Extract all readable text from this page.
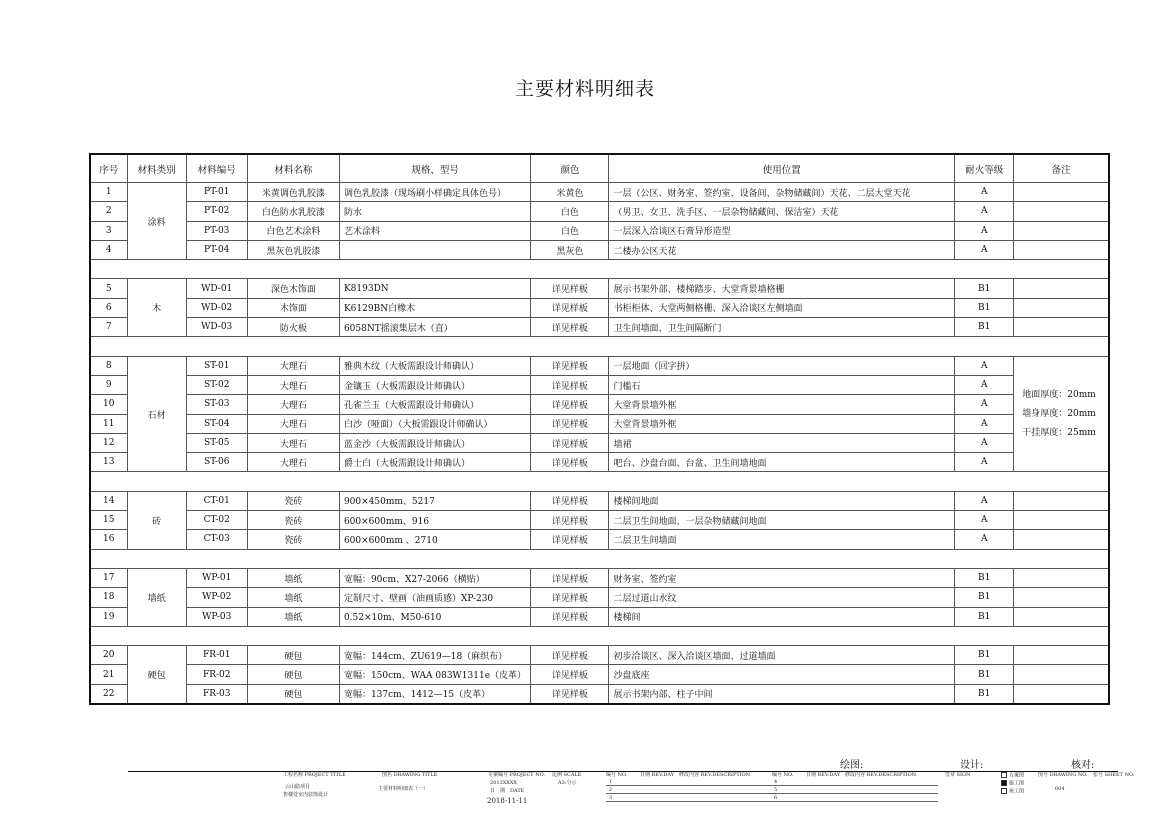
主要材料明细表
序号	材料类别	材料编号	材料名称	规格、型号	颜色	使用位置	耐火等级	备注
1	涂料	PT-01	米黄调色乳胶漆	调色乳胶漆（现场刷小样确定具体色号）	米黄色	一层（公区、财务室、签约室、设备间、杂物储藏间）天花、二层大堂天花	A	
2		PT-02	白色防水乳胶漆	防水	白色	（男卫、女卫、洗手区、一层杂物储藏间、保洁室）天花	A	
3		PT-03	白色艺术涂料	艺术涂料	白色	一层深入洽谈区石膏异形造型	A	
4		PT-04	黑灰色乳胶漆		黑灰色	二楼办公区天花	A	

5	木	WD-01	深色木饰面	K8193DN	详见样板	展示书架外部、楼梯踏步、大堂背景墙格栅	B1	
6		WD-02	木饰面	K6129BN白橡木	详见样板	书柜柜体、大堂两侧格栅、深入洽谈区左侧墙面	B1	
7		WD-03	防火板	6058NT摇滚集层木（直）	详见样板	卫生间墙面、卫生间隔断门	B1	

8	石材	ST-01	大理石	雅典木纹（大板需跟设计师确认）	详见样板	一层地面（回字拼）	A	地面厚度：20mm
墙身厚度：20mm
干挂厚度：25mm

9		ST-02	大理石	金镶玉（大板需跟设计师确认）	详见样板	门槛石	A	
10		ST-03	大理石	孔雀兰玉（大板需跟设计师确认）	详见样板	大堂背景墙外框	A	
11		ST-04	大理石	白沙（哑面）（大板需跟设计师确认）	详见样板	大堂背景墙外框	A	
12		ST-05	大理石	蓝金沙（大板需跟设计师确认）	详见样板	墙裙	A	
13		ST-06	大理石	爵士白（大板需跟设计师确认）	详见样板	吧台、沙盘台面、台盆、卫生间墙地面	A	

14	砖	CT-01	瓷砖	900×450mm、5217	详见样板	楼梯间地面	A	
15		CT-02	瓷砖	600×600mm、916	详见样板	二层卫生间地面、一层杂物储藏间地面	A	
16		CT-03	瓷砖	600×600mm 、2710	详见样板	二层卫生间墙面	A	

17	墙纸	WP-01	墙纸	宽幅：90cm、X27-2066（横贴）	详见样板	财务室、签约室	B1	
18		WP-02	墙纸	定制尺寸、壁画（油画质感）XP-230	详见样板	二层过道山水纹	B1	
19		WP-03	墙纸	0.52×10m、M50-610	详见样板	楼梯间	B1	

20	硬包	FR-01	硬包	宽幅：144cm、ZU619—18（麻织布）	详见样板	初步洽谈区、深入洽谈区墙面、过道墙面	B1	
21		FR-02	硬包	宽幅：150cm、WAA 083W1311e（皮革）	详见样板	沙盘底座	B1	
22		FR-03	硬包	宽幅：137cm、1412—15（皮革）	详见样板	展示书架内部、柱子中间	B1	
绘图:	设计:	核对:
工程名称 PROJECT TITLE
云山隐项目
售楼处室内装饰设计
图名 DRAWING TITLE
主要材料明细表（一）
专案编号 PROJECT NO.
2013XXXX
比例 SCALE
A3:分示
日　期　DATE
2018-11-11
编号 NO.	日期 REV.DAY 修改内容 REV.DESCRIPTION	编号 NO.	日期 REV.DAY 修改内容 REV.DESCRIPTION	签章 SIGN
1
2
3
4
5
6
方案图
施工图
竣工图
图号 DRAWING NO.
004
张号 SHEET NO.
